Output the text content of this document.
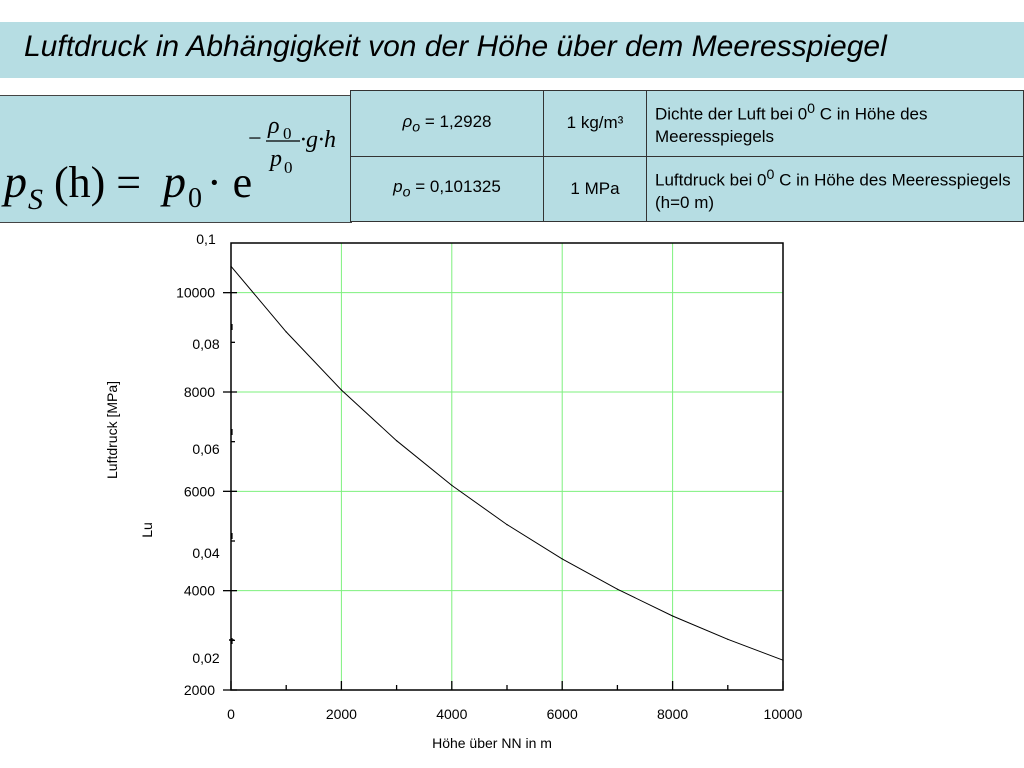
Luftdruck in Abhängigkeit von der Höhe über dem Meeresspiegel
p S (h) = p 0 · e
− ρ 0
p 0
·g·h
$\rho_o = 1,2928$	1 kg/m³	Dichte der Luft bei $0^0$ C in Höhe des Meeresspiegels
$p_o = 0,101325$	1 MPa	Luftdruck bei $0^0$ C in Höhe des Meeresspiegels (h=0 m)
0,02
0,04
0,06
0,08
0,1
2000
4000
6000
8000
10000
0	2000	4000	6000	8000	10000
Höhe über NN in m
Luftdruck [MPa]
Lu
